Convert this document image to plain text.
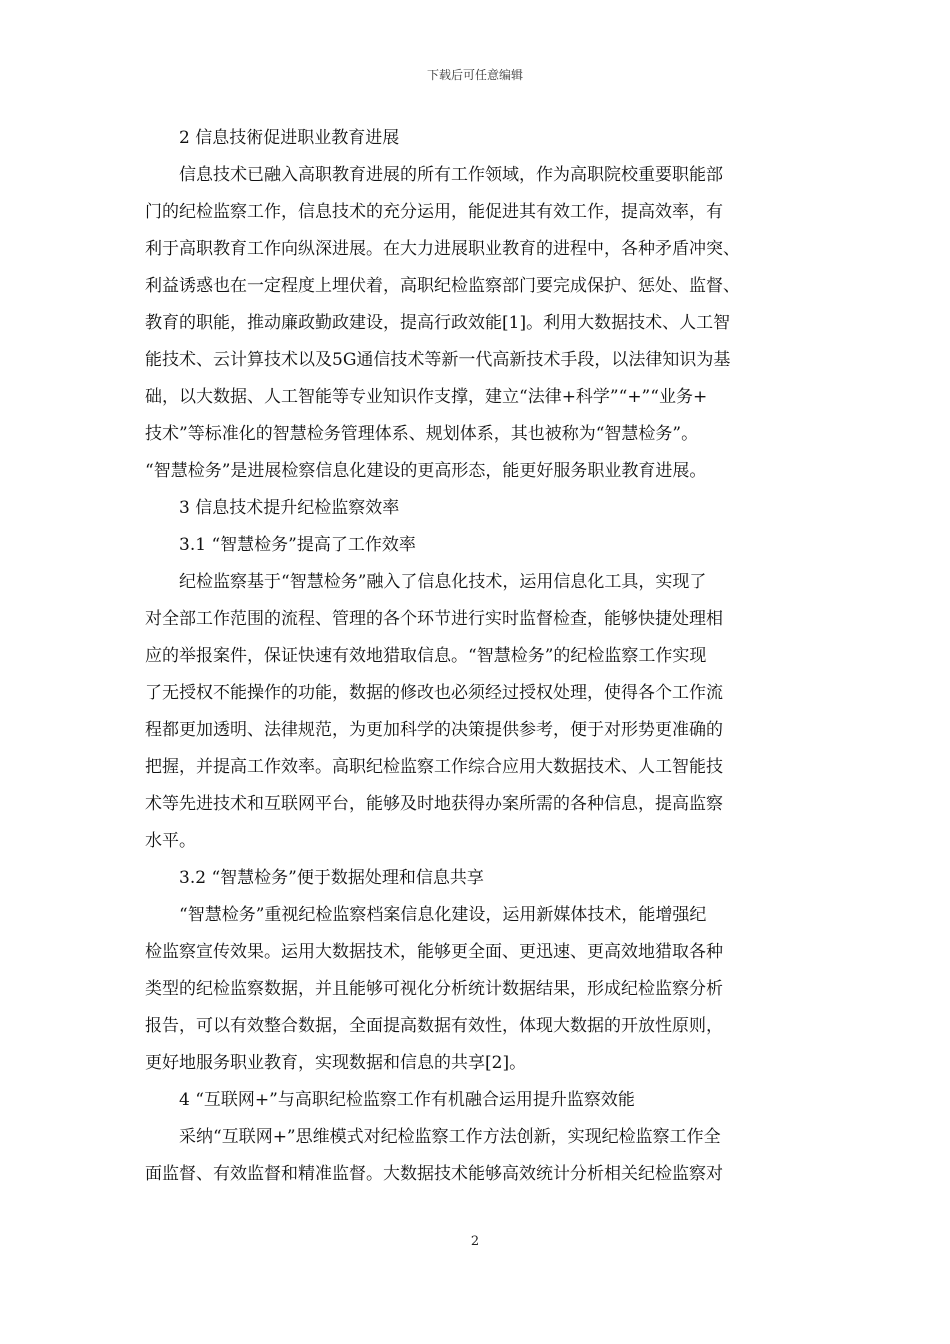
下载后可任意编辑

2 信息技術促进职业教育进展

信息技术已融入高职教育进展的所有工作领域，作为高职院校重要职能部
门的纪检监察工作，信息技术的充分运用，能促进其有效工作，提高效率，有
利于高职教育工作向纵深进展。在大力进展职业教育的进程中，各种矛盾冲突、
利益诱惑也在一定程度上埋伏着，高职纪检监察部门要完成保护、惩处、监督、
教育的职能，推动廉政勤政建设，提高行政效能[1]。利用大数据技术、人工智
能技术、云计算技术以及5G通信技术等新一代高新技术手段，以法律知识为基
础，以大数据、人工智能等专业知识作支撑，建立“法律+科学”“+”“业务+
技术”等标准化的智慧检务管理体系、规划体系，其也被称为“智慧检务”。
“智慧检务”是进展检察信息化建设的更高形态，能更好服务职业教育进展。

3 信息技术提升纪检监察效率

3.1 “智慧检务”提高了工作效率

纪检监察基于“智慧检务”融入了信息化技术，运用信息化工具，实现了
对全部工作范围的流程、管理的各个环节进行实时监督检查，能够快捷处理相
应的举报案件，保证快速有效地猎取信息。“智慧检务”的纪检监察工作实现
了无授权不能操作的功能，数据的修改也必须经过授权处理，使得各个工作流
程都更加透明、法律规范，为更加科学的决策提供参考，便于对形势更准确的
把握，并提高工作效率。高职纪检监察工作综合应用大数据技术、人工智能技
术等先进技术和互联网平台，能够及时地获得办案所需的各种信息，提高监察
水平。

3.2 “智慧检务”便于数据处理和信息共享

“智慧检务”重视纪检监察档案信息化建设，运用新媒体技术，能增强纪
检监察宣传效果。运用大数据技术，能够更全面、更迅速、更高效地猎取各种
类型的纪检监察数据，并且能够可视化分析统计数据结果，形成纪检监察分析
报告，可以有效整合数据，全面提高数据有效性，体现大数据的开放性原则，
更好地服务职业教育，实现数据和信息的共享[2]。

4 “互联网+”与高职纪检监察工作有机融合运用提升监察效能

采纳“互联网+”思维模式对纪检监察工作方法创新，实现纪检监察工作全
面监督、有效监督和精准监督。大数据技术能够高效统计分析相关纪检监察对
2
